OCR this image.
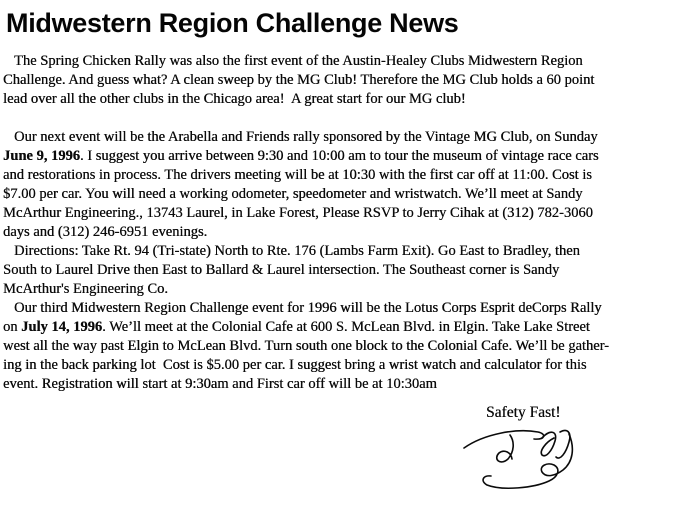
Midwestern Region Challenge News
The Spring Chicken Rally was also the first event of the Austin-Healey Clubs Midwestern Region
Challenge. And guess what? A clean sweep by the MG Club! Therefore the MG Club holds a 60 point
lead over all the other clubs in the Chicago area!  A great start for our MG club!
Our next event will be the Arabella and Friends rally sponsored by the Vintage MG Club, on Sunday
June 9, 1996. I suggest you arrive between 9:30 and 10:00 am to tour the museum of vintage race cars
and restorations in process. The drivers meeting will be at 10:30 with the first car off at 11:00. Cost is
$7.00 per car. You will need a working odometer, speedometer and wristwatch. We’ll meet at Sandy
McArthur Engineering., 13743 Laurel, in Lake Forest, Please RSVP to Jerry Cihak at (312) 782-3060
days and (312) 246-6951 evenings.
Directions: Take Rt. 94 (Tri-state) North to Rte. 176 (Lambs Farm Exit). Go East to Bradley, then
South to Laurel Drive then East to Ballard & Laurel intersection. The Southeast corner is Sandy
McArthur's Engineering Co.
Our third Midwestern Region Challenge event for 1996 will be the Lotus Corps Esprit deCorps Rally
on July 14, 1996. We’ll meet at the Colonial Cafe at 600 S. McLean Blvd. in Elgin. Take Lake Street
west all the way past Elgin to McLean Blvd. Turn south one block to the Colonial Cafe. We’ll be gather-
ing in the back parking lot  Cost is $5.00 per car. I suggest bring a wrist watch and calculator for this
event. Registration will start at 9:30am and First car off will be at 10:30am
Safety Fast!
